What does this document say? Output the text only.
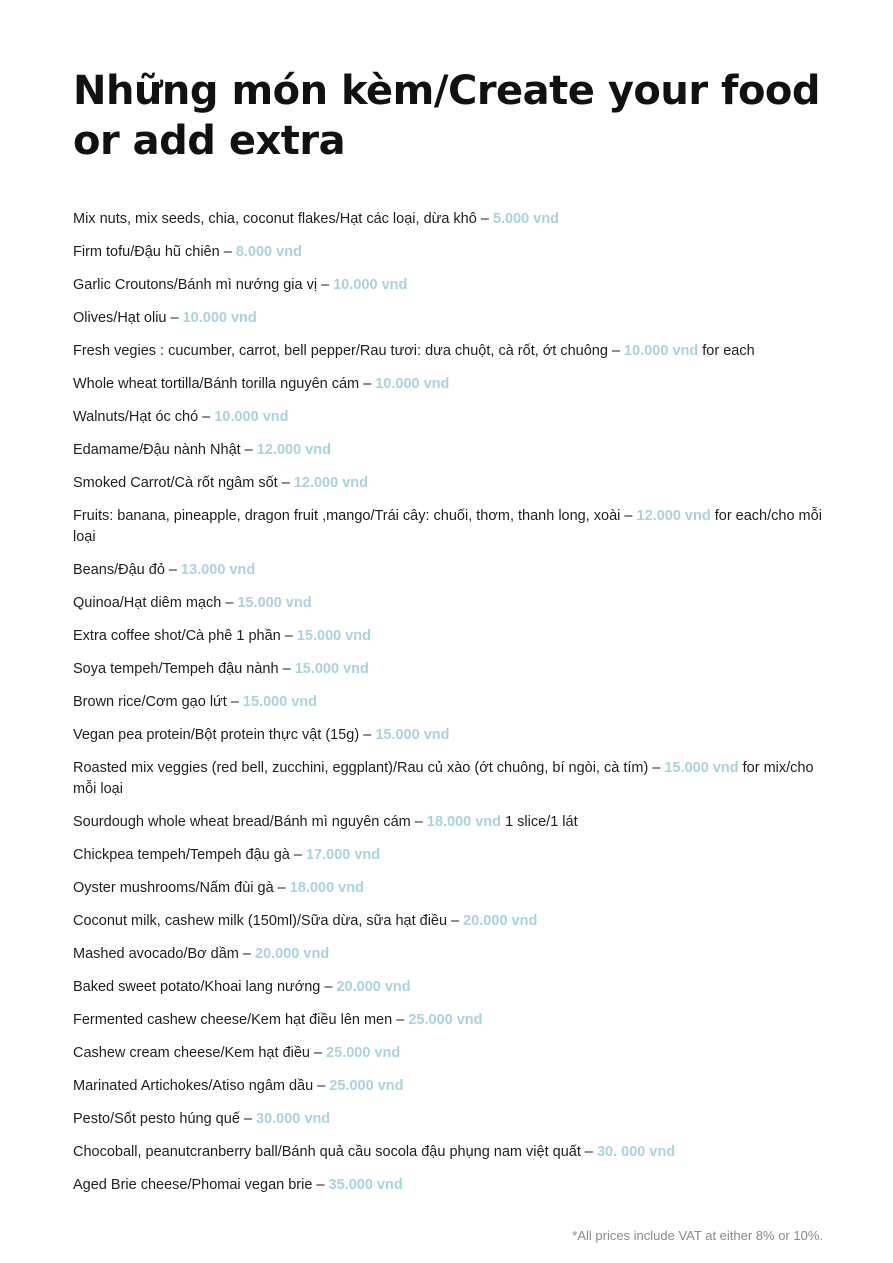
Những món kèm/Create your food or add extra
Mix nuts, mix seeds, chia, coconut flakes/Hạt các loại, dừa khô – 5.000 vnd
Firm tofu/Đậu hũ chiên – 8.000 vnd
Garlic Croutons/Bánh mì nướng gia vị – 10.000 vnd
Olives/Hạt oliu – 10.000 vnd
Fresh vegies : cucumber, carrot, bell pepper/Rau tươi: dưa chuột, cà rốt, ớt chuông – 10.000 vnd for each
Whole wheat tortilla/Bánh torilla nguyên cám – 10.000 vnd
Walnuts/Hạt óc chó – 10.000 vnd
Edamame/Đậu nành Nhật – 12.000 vnd
Smoked Carrot/Cà rốt ngâm sốt – 12.000 vnd
Fruits: banana, pineapple, dragon fruit ,mango/Trái cây: chuối, thơm, thanh long, xoài – 12.000 vnd for each/cho mỗi loại
Beans/Đậu đỏ – 13.000 vnd
Quinoa/Hạt diêm mạch – 15.000 vnd
Extra coffee shot/Cà phê 1 phần – 15.000 vnd
Soya tempeh/Tempeh đậu nành – 15.000 vnd
Brown rice/Cơm gạo lứt – 15.000 vnd
Vegan pea protein/Bột protein thực vật (15g) – 15.000 vnd
Roasted mix veggies (red bell, zucchini, eggplant)/Rau củ xào (ớt chuông, bí ngòi, cà tím) – 15.000 vnd for mix/cho mỗi loại
Sourdough whole wheat bread/Bánh mì nguyên cám – 18.000 vnd 1 slice/1 lát
Chickpea tempeh/Tempeh đậu gà – 17.000 vnd
Oyster mushrooms/Nấm đùi gà – 18.000 vnd
Coconut milk, cashew milk (150ml)/Sữa dừa, sữa hạt điều – 20.000 vnd
Mashed avocado/Bơ dầm – 20.000 vnd
Baked sweet potato/Khoai lang nướng – 20.000 vnd
Fermented cashew cheese/Kem hạt điều lên men – 25.000 vnd
Cashew cream cheese/Kem hạt điều – 25.000 vnd
Marinated Artichokes/Atiso ngâm dầu – 25.000 vnd
Pesto/Sốt pesto húng quế – 30.000 vnd
Chocoball, peanutcranberry ball/Bánh quả cầu socola đậu phụng nam việt quất – 30. 000 vnd
Aged Brie cheese/Phomai vegan brie – 35.000 vnd

*All prices include VAT at either 8% or 10%.
